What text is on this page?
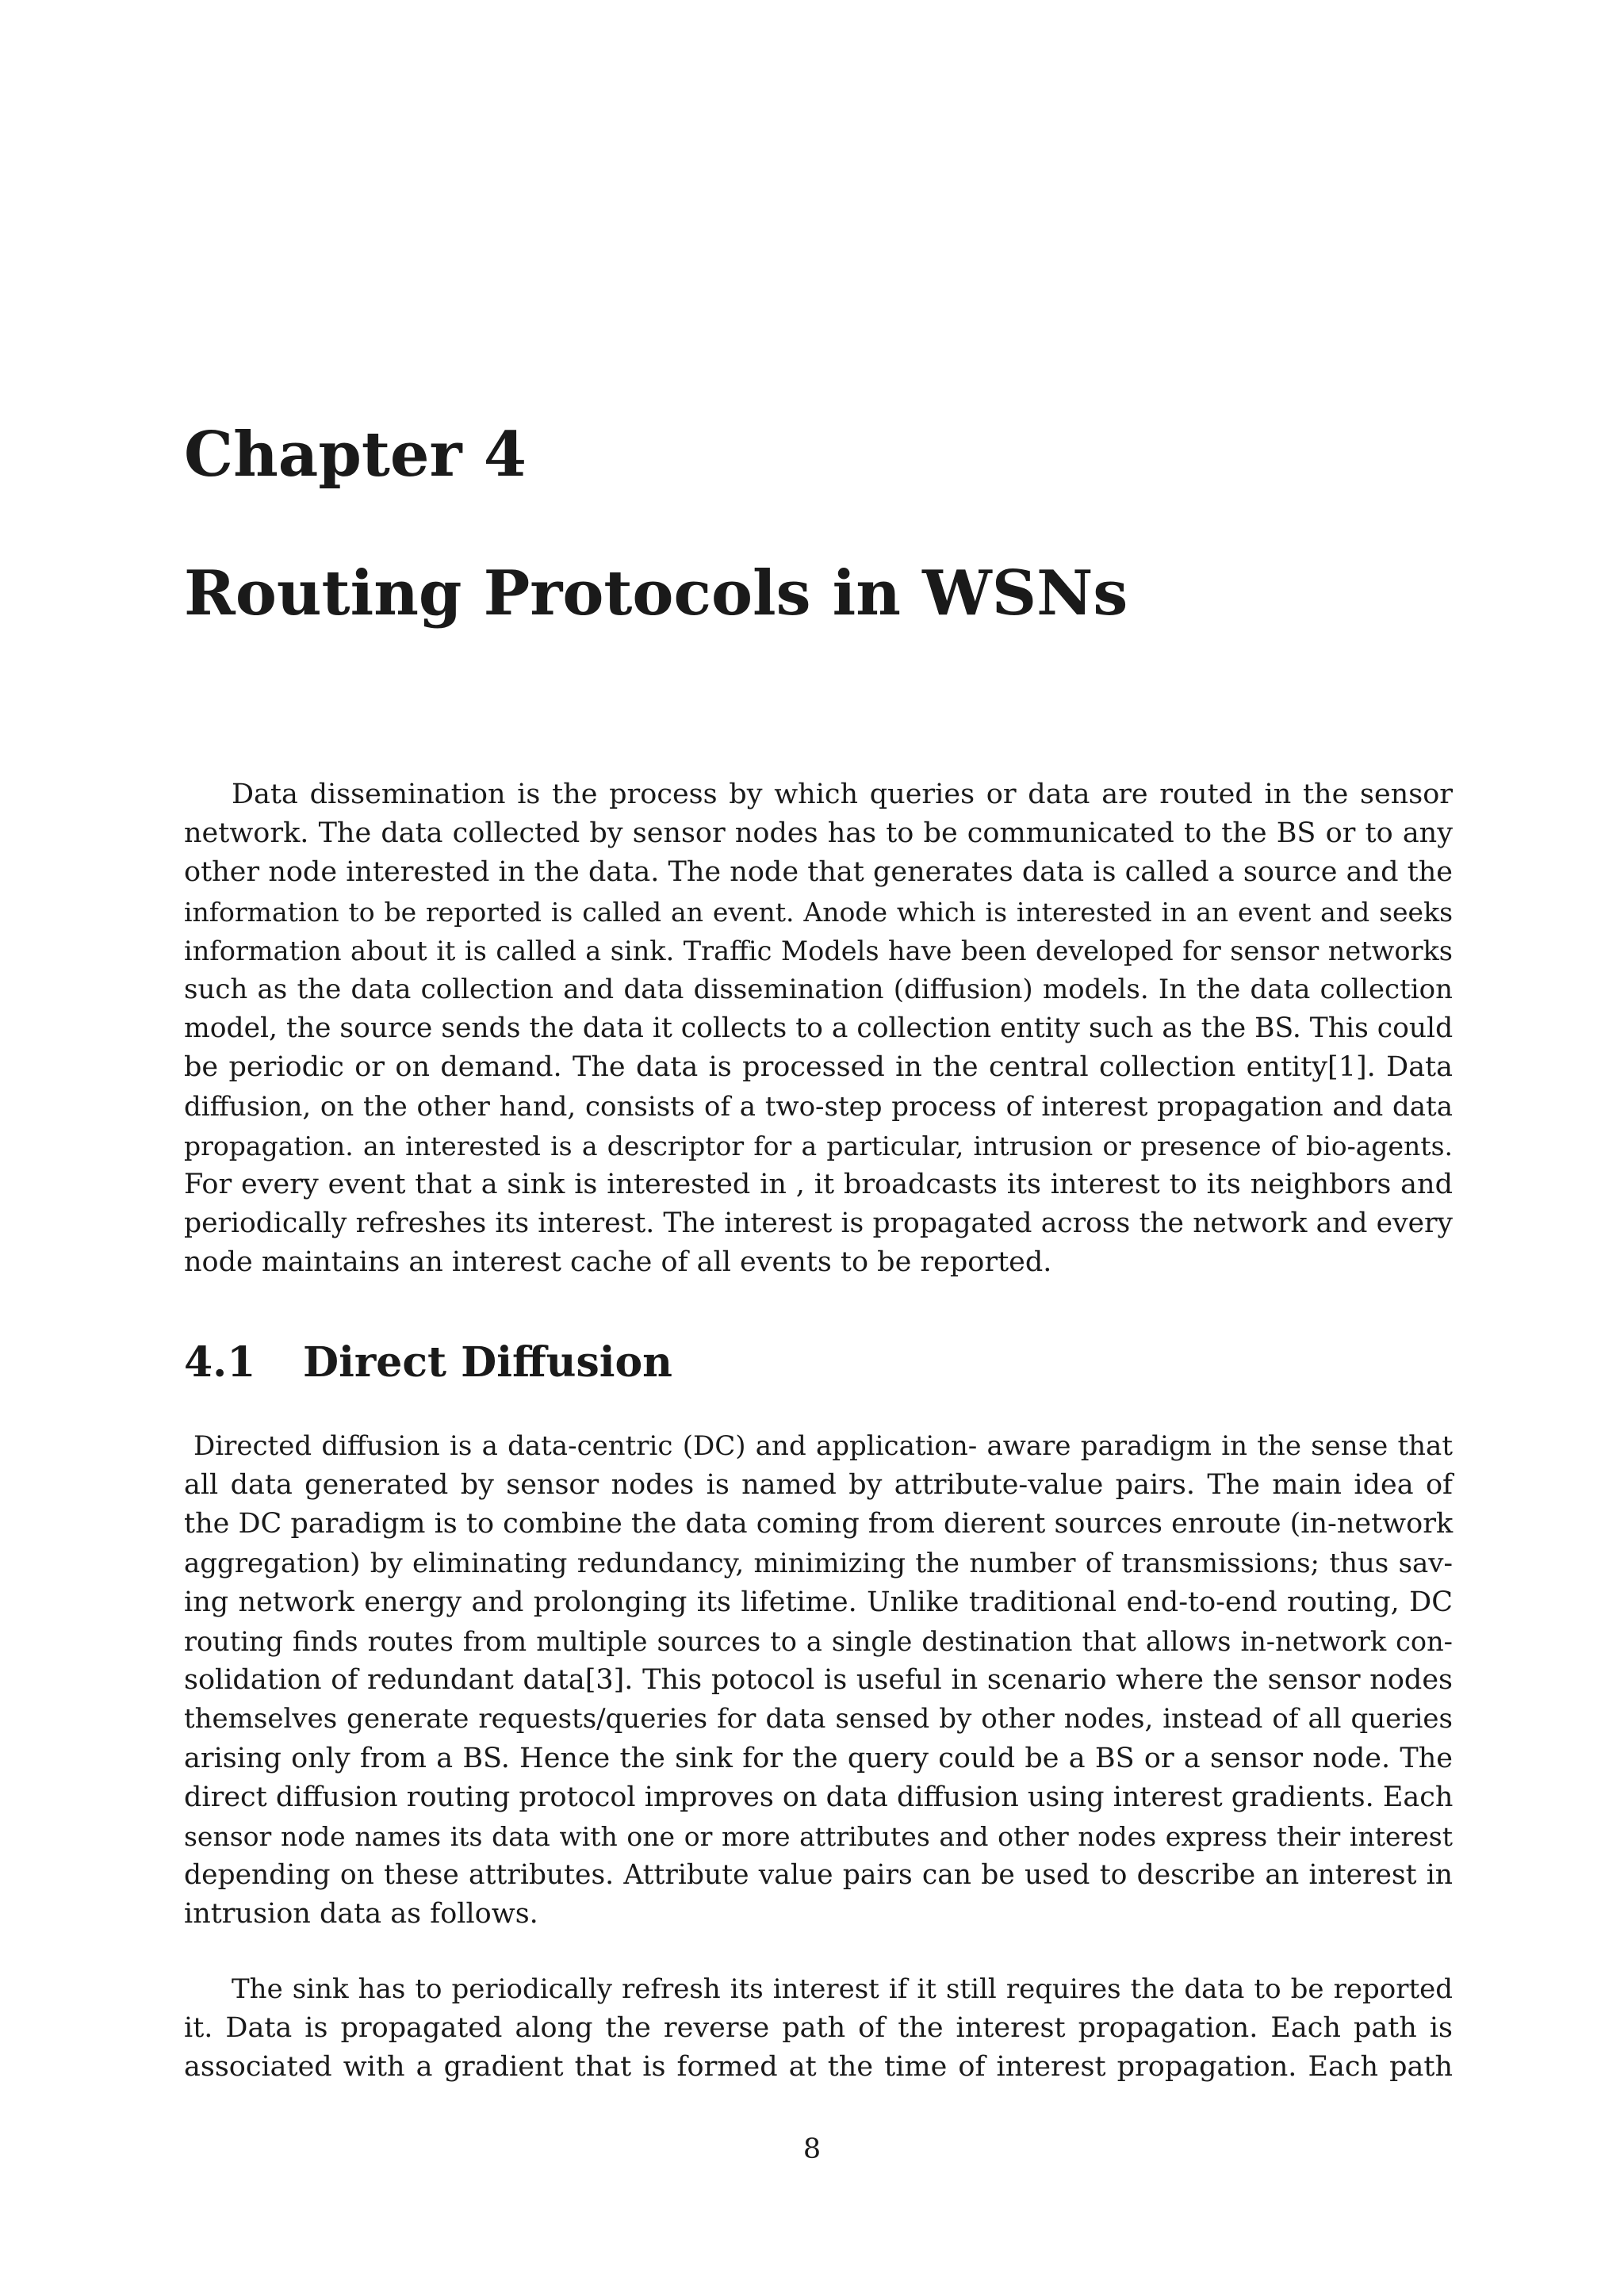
Chapter 4
Routing Protocols in WSNs
Data dissemination is the process by which queries or data are routed in the sensor
network. The data collected by sensor nodes has to be communicated to the BS or to any
other node interested in the data. The node that generates data is called a source and the
information to be reported is called an event. Anode which is interested in an event and seeks
information about it is called a sink. Traffic Models have been developed for sensor networks
such as the data collection and data dissemination (diffusion) models. In the data collection
model, the source sends the data it collects to a collection entity such as the BS. This could
be periodic or on demand. The data is processed in the central collection entity[1]. Data
diffusion, on the other hand, consists of a two-step process of interest propagation and data
propagation. an interested is a descriptor for a particular, intrusion or presence of bio-agents.
For every event that a sink is interested in , it broadcasts its interest to its neighbors and
periodically refreshes its interest. The interest is propagated across the network and every
node maintains an interest cache of all events to be reported.
4.1 Direct Diffusion
Directed diffusion is a data-centric (DC) and application- aware paradigm in the sense that
all data generated by sensor nodes is named by attribute-value pairs. The main idea of
the DC paradigm is to combine the data coming from dierent sources enroute (in-network
aggregation) by eliminating redundancy, minimizing the number of transmissions; thus sav-
ing network energy and prolonging its lifetime. Unlike traditional end-to-end routing, DC
routing finds routes from multiple sources to a single destination that allows in-network con-
solidation of redundant data[3]. This potocol is useful in scenario where the sensor nodes
themselves generate requests/queries for data sensed by other nodes, instead of all queries
arising only from a BS. Hence the sink for the query could be a BS or a sensor node. The
direct diffusion routing protocol improves on data diffusion using interest gradients. Each
sensor node names its data with one or more attributes and other nodes express their interest
depending on these attributes. Attribute value pairs can be used to describe an interest in
intrusion data as follows.
The sink has to periodically refresh its interest if it still requires the data to be reported
it. Data is propagated along the reverse path of the interest propagation. Each path is
associated with a gradient that is formed at the time of interest propagation. Each path
8
